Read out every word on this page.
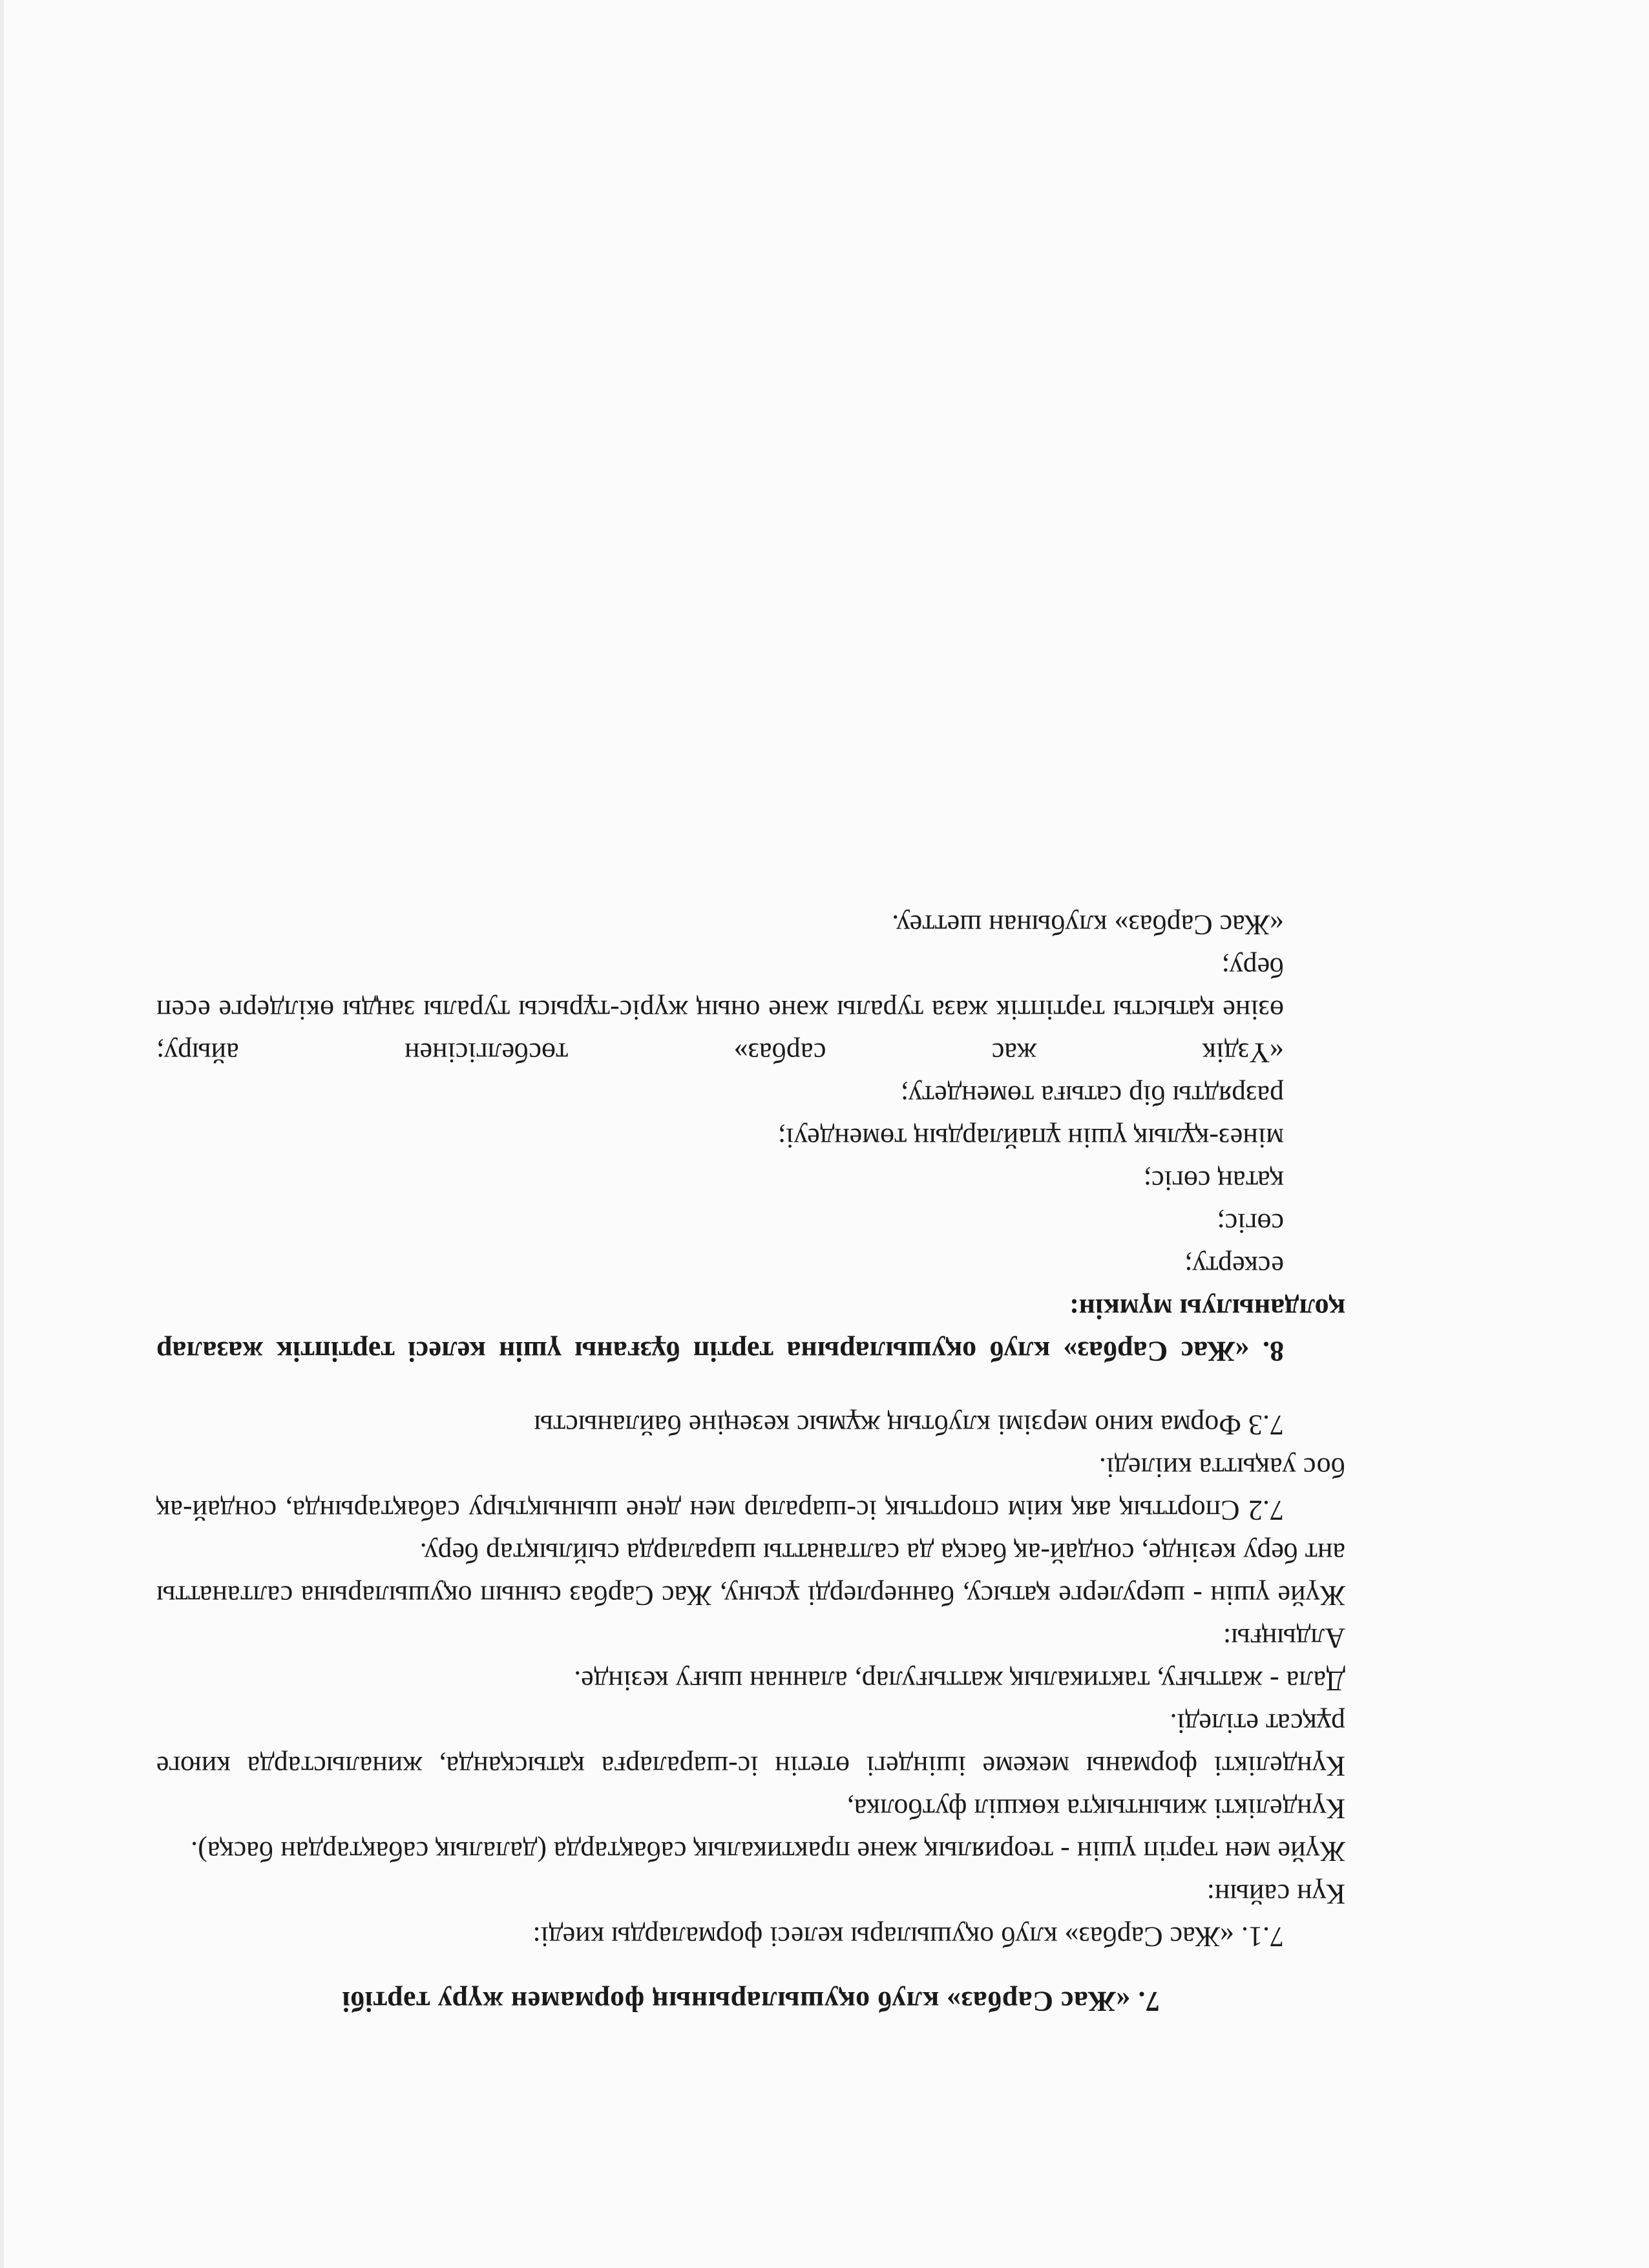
7. «Жас Сарбаз» клуб оқушыларының формамен жүру тәртібі

7.1. «Жас Сарбаз» клуб оқушылары келесі формаларды киеді:

Күн сайын:

Жүйе мен тәртіп үшін - теориялық және практикалық сабақтарда (далалық сабақтардан басқа).

Күнделікті жиынтықта көкшіл футболка,

Күнделікті форманы мекеме ішіндегі өтетін іс-шараларға қатысқанда, жиналыстарда киюге рұқсат етіледі.

Дала - жаттығу, тактикалық жаттығулар, аланнан шығу кезінде.

Алдыңғы:

Жүйе үшін - шерулерге қатысу, баннерлерді ұсыну, Жас Сарбаз сынып оқушыларына салтанатты ант беру кезінде, сондай-ақ басқа да салтанатты шараларда сыйлықтар беру.

7.2 Спорттық аяқ киім спорттық іс-шаралар мен дене шынықтыру сабақтарында, сондай-ақ бос уақытта киіледі.

7.3 Форма кино мерзімі клубтың жұмыс кезеңіне байланысты

8. «Жас Сарбаз» клуб оқушыларына тәртіп бұзғаны үшін келесі тәртіптік жазалар қолданылуы мүмкін:

ескерту;

сөгіс;

қатаң сөгіс;

мінез-құлық үшін ұпайлардың төмендеуі;

разрядты бір сатыға төмендету;

«Үздік жас сарбаз» төсбелгісінен айыру;

өзіне қатысты тәртіптік жаза туралы және оның жүріс-тұрысы туралы заңды өкілдерге есеп беру;

«Жас Сарбаз» клубынан шеттеу.
